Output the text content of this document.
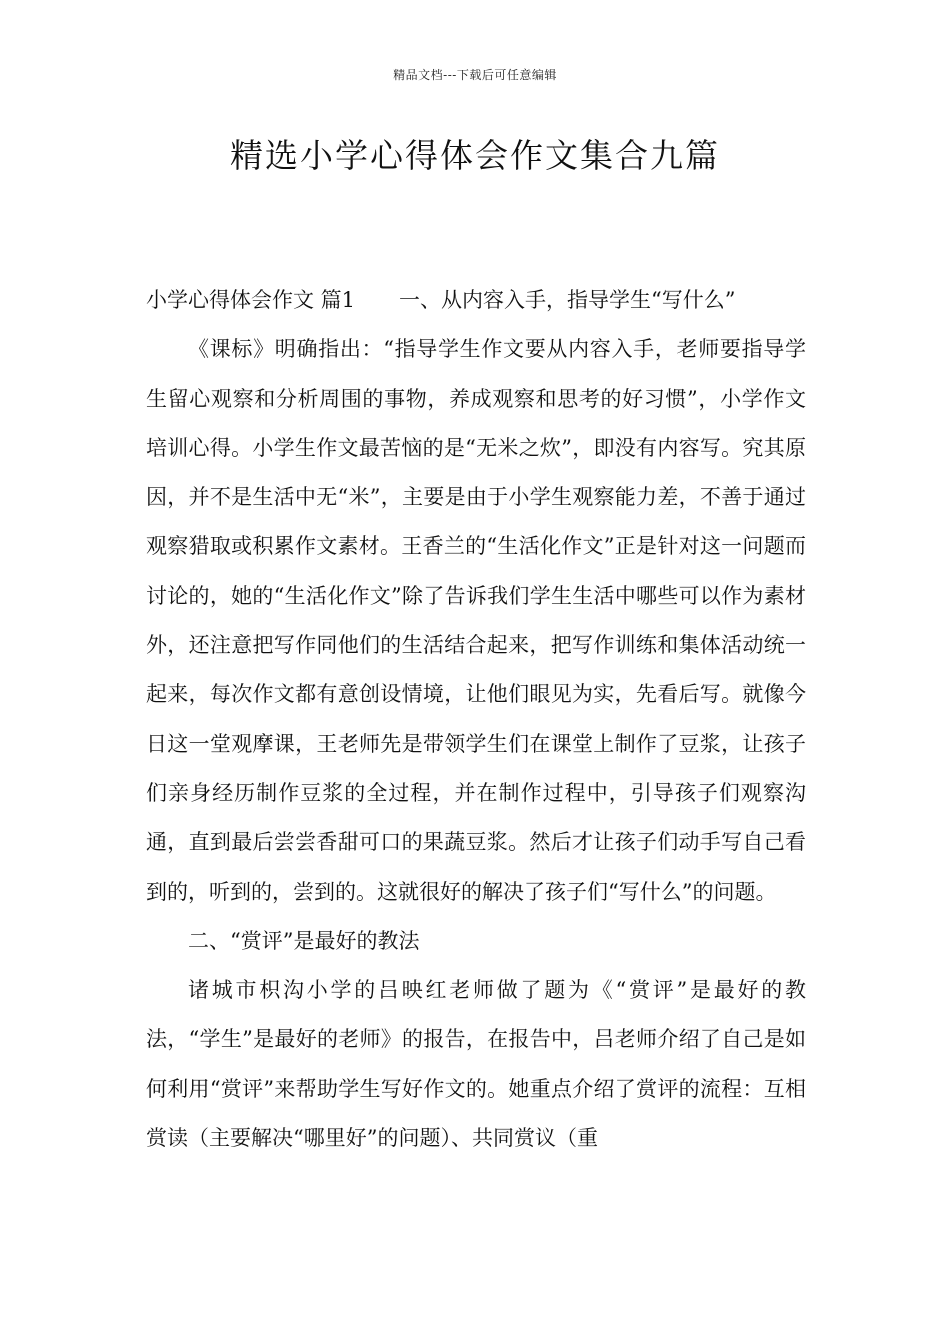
精品文档---下载后可任意编辑
精选小学心得体会作文集合九篇

小学心得体会作文 篇1 一、从内容入手，指导学生“写什么”

《课标》明确指出：“指导学生作文要从内容入手，老师要指导学生留心观察和分析周围的事物，养成观察和思考的好习惯”，小学作文培训心得。小学生作文最苦恼的是“无米之炊”，即没有内容写。究其原因，并不是生活中无“米”，主要是由于小学生观察能力差，不善于通过观察猎取或积累作文素材。王香兰的“生活化作文”正是针对这一问题而讨论的，她的“生活化作文”除了告诉我们学生生活中哪些可以作为素材外，还注意把写作同他们的生活结合起来，把写作训练和集体活动统一起来，每次作文都有意创设情境，让他们眼见为实，先看后写。就像今日这一堂观摩课，王老师先是带领学生们在课堂上制作了豆浆，让孩子们亲身经历制作豆浆的全过程，并在制作过程中，引导孩子们观察沟通，直到最后尝尝香甜可口的果蔬豆浆。然后才让孩子们动手写自己看到的，听到的，尝到的。这就很好的解决了孩子们“写什么”的问题。

二、“赏评”是最好的教法

诸城市枳沟小学的吕映红老师做了题为《“赏评”是最好的教法，“学生”是最好的老师》的报告，在报告中，吕老师介绍了自己是如何利用“赏评”来帮助学生写好作文的。她重点介绍了赏评的流程：互相赏读（主要解决“哪里好”的问题）、共同赏议（重
